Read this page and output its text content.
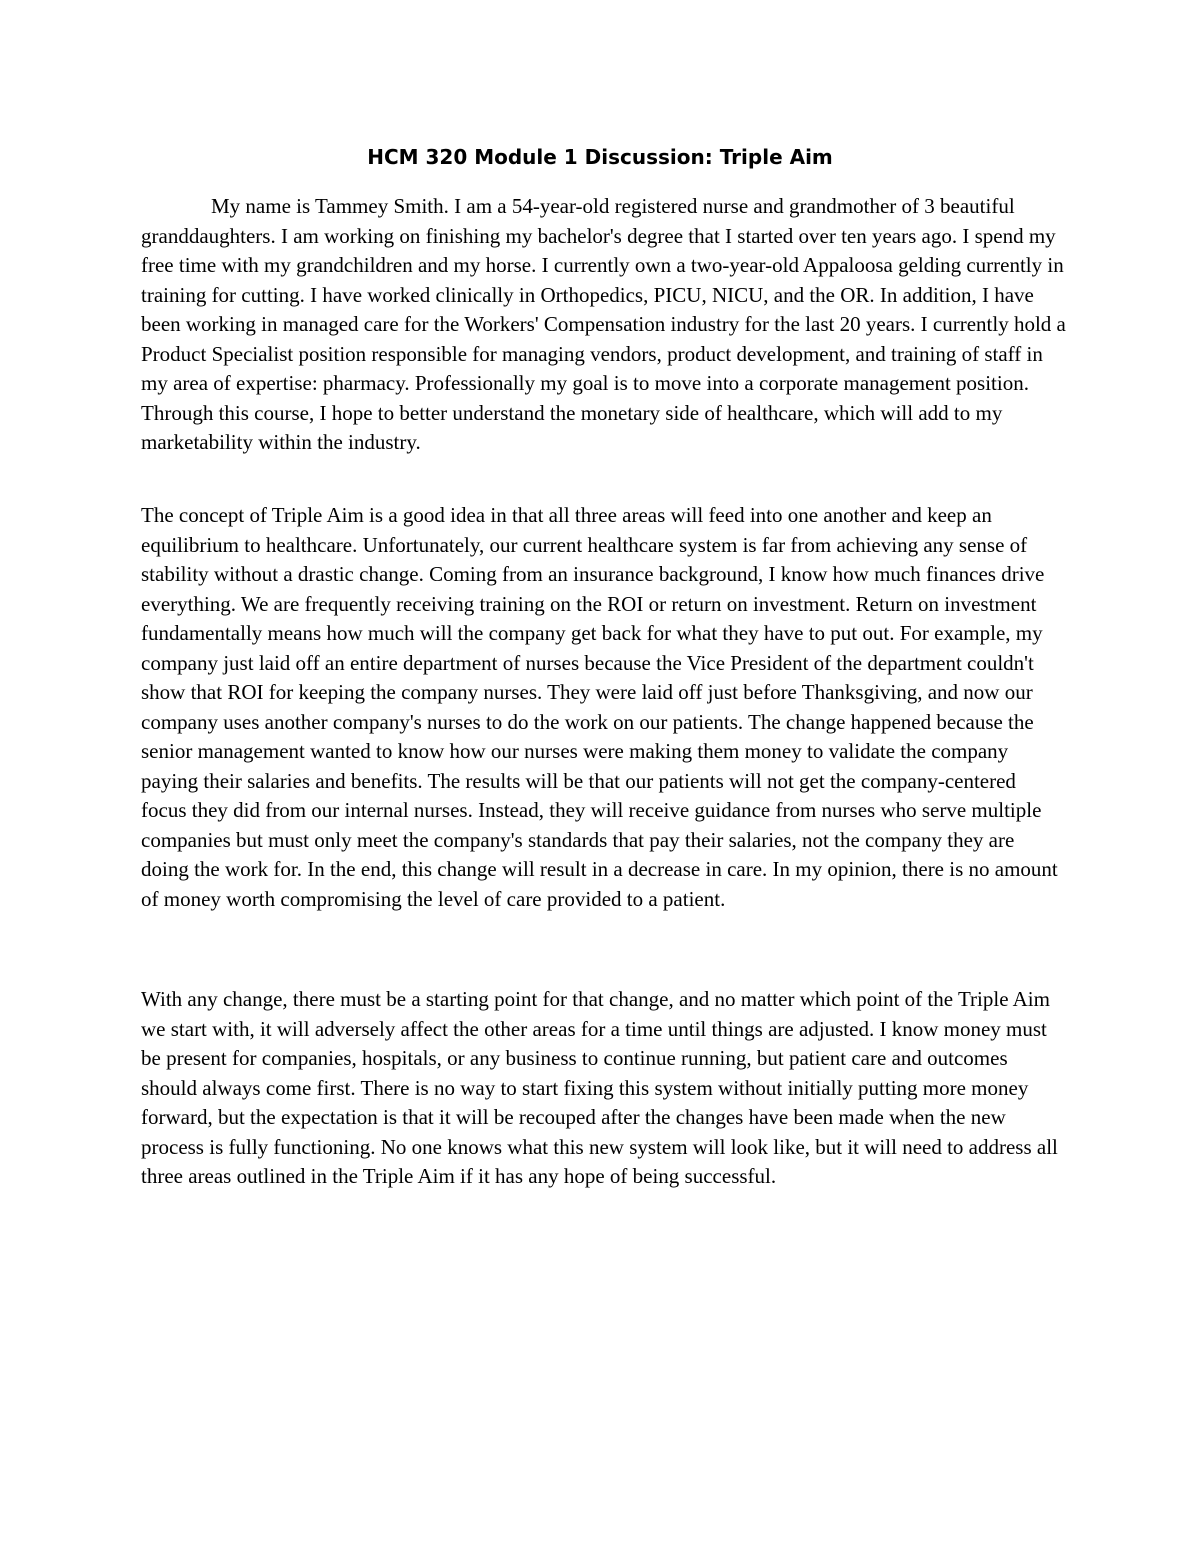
HCM 320 Module 1 Discussion: Triple Aim

My name is Tammey Smith. I am a 54-year-old registered nurse and grandmother of 3 beautiful granddaughters. I am working on finishing my bachelor's degree that I started over ten years ago. I spend my free time with my grandchildren and my horse. I currently own a two-year-old Appaloosa gelding currently in training for cutting. I have worked clinically in Orthopedics, PICU, NICU, and the OR. In addition, I have been working in managed care for the Workers' Compensation industry for the last 20 years. I currently hold a Product Specialist position responsible for managing vendors, product development, and training of staff in my area of expertise: pharmacy. Professionally my goal is to move into a corporate management position. Through this course, I hope to better understand the monetary side of healthcare, which will add to my marketability within the industry.

The concept of Triple Aim is a good idea in that all three areas will feed into one another and keep an equilibrium to healthcare. Unfortunately, our current healthcare system is far from achieving any sense of stability without a drastic change. Coming from an insurance background, I know how much finances drive everything. We are frequently receiving training on the ROI or return on investment. Return on investment fundamentally means how much will the company get back for what they have to put out. For example, my company just laid off an entire department of nurses because the Vice President of the department couldn't show that ROI for keeping the company nurses. They were laid off just before Thanksgiving, and now our company uses another company's nurses to do the work on our patients. The change happened because the senior management wanted to know how our nurses were making them money to validate the company paying their salaries and benefits. The results will be that our patients will not get the company-centered focus they did from our internal nurses. Instead, they will receive guidance from nurses who serve multiple companies but must only meet the company's standards that pay their salaries, not the company they are doing the work for. In the end, this change will result in a decrease in care. In my opinion, there is no amount of money worth compromising the level of care provided to a patient.

With any change, there must be a starting point for that change, and no matter which point of the Triple Aim we start with, it will adversely affect the other areas for a time until things are adjusted. I know money must be present for companies, hospitals, or any business to continue running, but patient care and outcomes should always come first. There is no way to start fixing this system without initially putting more money forward, but the expectation is that it will be recouped after the changes have been made when the new process is fully functioning. No one knows what this new system will look like, but it will need to address all three areas outlined in the Triple Aim if it has any hope of being successful.
